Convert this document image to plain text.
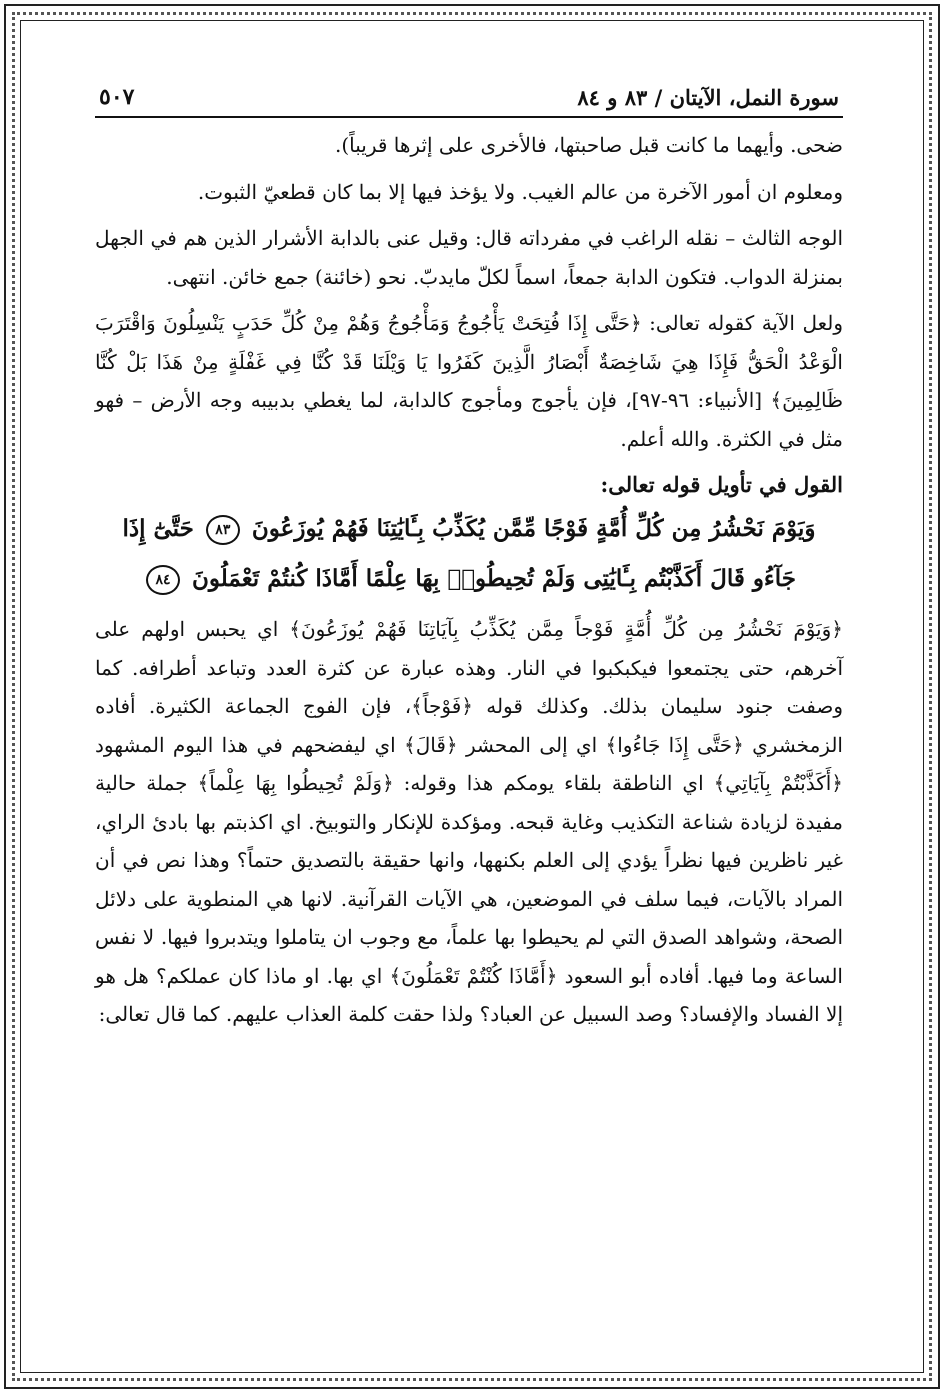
سورة النمل، الآيتان / ٨٣ و ٨٤
٥٠٧

ضحى. وأيهما ما كانت قبل صاحبتها، فالأخرى على إثرها قريباً).

ومعلوم ان أمور الآخرة من عالم الغيب. ولا يؤخذ فيها إلا بما كان قطعيّ الثبوت.

الوجه الثالث – نقله الراغب في مفرداته قال: وقيل عنى بالدابة الأشرار الذين هم في الجهل بمنزلة الدواب. فتكون الدابة جمعاً، اسماً لكلّ مايدبّ. نحو (خائنة) جمع خائن. انتهى.

ولعل الآية كقوله تعالى: ﴿حَتَّى إِذَا فُتِحَتْ يَأْجُوجُ وَمَأْجُوجُ وَهُمْ مِنْ كُلِّ حَدَبٍ يَنْسِلُونَ وَاقْتَرَبَ الْوَعْدُ الْحَقُّ فَإِذَا هِيَ شَاخِصَةٌ أَبْصَارُ الَّذِينَ كَفَرُوا يَا وَيْلَنَا قَدْ كُنَّا فِي غَفْلَةٍ مِنْ هَذَا بَلْ كُنَّا ظَالِمِينَ﴾ [الأنبياء: ٩٦-٩٧]، فإن يأجوج ومأجوج كالدابة، لما يغطي بدبيبه وجه الأرض – فهو مثل في الكثرة. والله أعلم.

القول في تأويل قوله تعالى:

وَيَوْمَ نَحْشُرُ مِن كُلِّ أُمَّةٍ فَوْجًا مِّمَّن يُكَذِّبُ بِـَٔايَٰتِنَا فَهُمْ يُوزَعُونَ ٨٣ حَتَّىٰٓ إِذَا

جَآءُو قَالَ أَكَذَّبْتُم بِـَٔايَٰتِى وَلَمْ تُحِيطُوا۟ بِهَا عِلْمًا أَمَّاذَا كُنتُمْ تَعْمَلُونَ ٨٤

﴿وَيَوْمَ نَحْشُرُ مِن كُلِّ أُمَّةٍ فَوْجاً مِمَّن يُكَذِّبُ بِآيَاتِنَا فَهُمْ يُوزَعُونَ﴾ اي يحبس اولهم على آخرهم، حتى يجتمعوا فيكبكبوا في النار. وهذه عبارة عن كثرة العدد وتباعد أطرافه. كما وصفت جنود سليمان بذلك. وكذلك قوله ﴿فَوْجاً﴾، فإن الفوج الجماعة الكثيرة. أفاده الزمخشري ﴿حَتَّى إِذَا جَاءُوا﴾ اي إلى المحشر ﴿قَالَ﴾ اي ليفضحهم في هذا اليوم المشهود ﴿أَكَذَّبْتُمْ بِآيَاتِي﴾ اي الناطقة بلقاء يومكم هذا وقوله: ﴿وَلَمْ تُحِيطُوا بِهَا عِلْماً﴾ جملة حالية مفيدة لزيادة شناعة التكذيب وغاية قبحه. ومؤكدة للإنكار والتوبيخ. اي اكذبتم بها بادئ الراي، غير ناظرين فيها نظراً يؤدي إلى العلم بكنهها، وانها حقيقة بالتصديق حتماً؟ وهذا نص في أن المراد بالآيات، فيما سلف في الموضعين، هي الآيات القرآنية. لانها هي المنطوية على دلائل الصحة، وشواهد الصدق التي لم يحيطوا بها علماً، مع وجوب ان يتاملوا ويتدبروا فيها. لا نفس الساعة وما فيها. أفاده أبو السعود ﴿أَمَّاذَا كُنْتُمْ تَعْمَلُونَ﴾ اي بها. او ماذا كان عملكم؟ هل هو إلا الفساد والإفساد؟ وصد السبيل عن العباد؟ ولذا حقت كلمة العذاب عليهم. كما قال تعالى:
